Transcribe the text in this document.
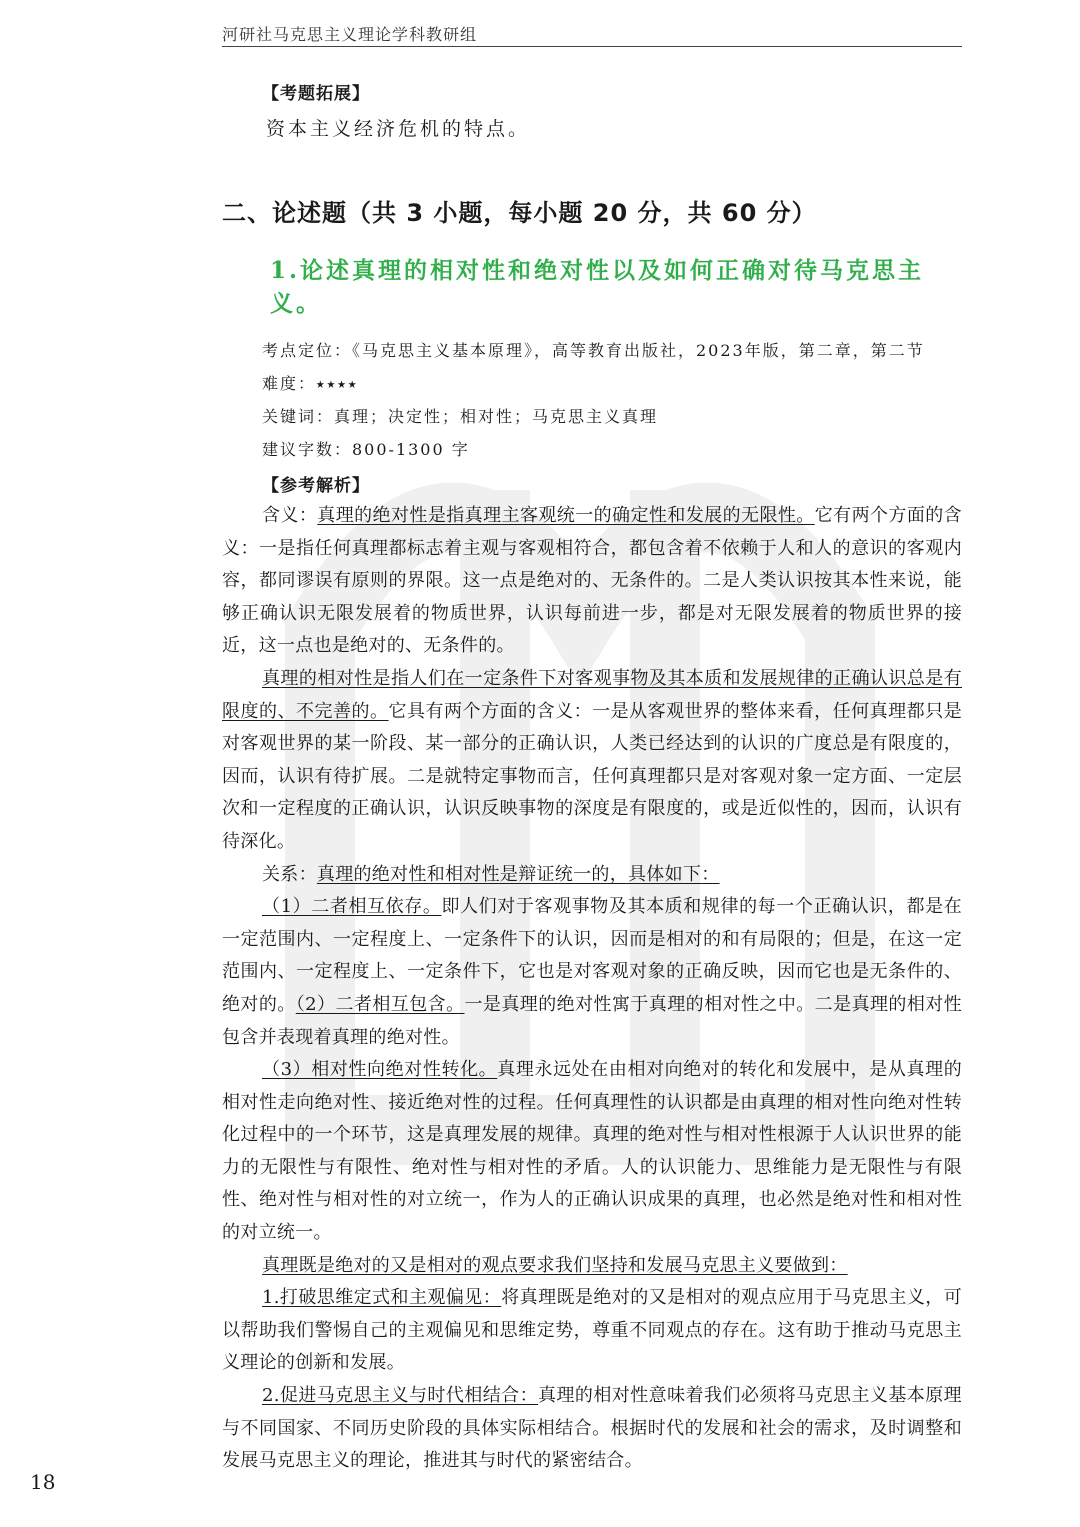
河研社马克思主义理论学科教研组
【考题拓展】
资本主义经济危机的特点。
二、论述题（共 3 小题，每小题 20 分，共 60 分）
1.论述真理的相对性和绝对性以及如何正确对待马克思主义。
考点定位：《马克思主义基本原理》，高等教育出版社，2023年版，第二章，第二节
难度：⭑⭑⭑⭑
关键词：真理；决定性；相对性；马克思主义真理
建议字数：800-1300 字
【参考解析】

含义：真理的绝对性是指真理主客观统一的确定性和发展的无限性。它有两个方面的含义：一是指任何真理都标志着主观与客观相符合，都包含着不依赖于人和人的意识的客观内容，都同谬误有原则的界限。这一点是绝对的、无条件的。二是人类认识按其本性来说，能够正确认识无限发展着的物质世界，认识每前进一步，都是对无限发展着的物质世界的接近，这一点也是绝对的、无条件的。

真理的相对性是指人们在一定条件下对客观事物及其本质和发展规律的正确认识总是有限度的、不完善的。它具有两个方面的含义：一是从客观世界的整体来看，任何真理都只是对客观世界的某一阶段、某一部分的正确认识，人类已经达到的认识的广度总是有限度的，因而，认识有待扩展。二是就特定事物而言，任何真理都只是对客观对象一定方面、一定层次和一定程度的正确认识，认识反映事物的深度是有限度的，或是近似性的，因而，认识有待深化。

关系：真理的绝对性和相对性是辩证统一的，具体如下：

（1）二者相互依存。即人们对于客观事物及其本质和规律的每一个正确认识，都是在一定范围内、一定程度上、一定条件下的认识，因而是相对的和有局限的；但是，在这一定范围内、一定程度上、一定条件下，它也是对客观对象的正确反映，因而它也是无条件的、绝对的。（2）二者相互包含。一是真理的绝对性寓于真理的相对性之中。二是真理的相对性包含并表现着真理的绝对性。

（3）相对性向绝对性转化。真理永远处在由相对向绝对的转化和发展中，是从真理的相对性走向绝对性、接近绝对性的过程。任何真理性的认识都是由真理的相对性向绝对性转化过程中的一个环节，这是真理发展的规律。真理的绝对性与相对性根源于人认识世界的能力的无限性与有限性、绝对性与相对性的矛盾。人的认识能力、思维能力是无限性与有限性、绝对性与相对性的对立统一，作为人的正确认识成果的真理，也必然是绝对性和相对性的对立统一。

真理既是绝对的又是相对的观点要求我们坚持和发展马克思主义要做到：

1.打破思维定式和主观偏见：将真理既是绝对的又是相对的观点应用于马克思主义，可以帮助我们警惕自己的主观偏见和思维定势，尊重不同观点的存在。这有助于推动马克思主义理论的创新和发展。

2.促进马克思主义与时代相结合：真理的相对性意味着我们必须将马克思主义基本原理与不同国家、不同历史阶段的具体实际相结合。根据时代的发展和社会的需求，及时调整和发展马克思主义的理论，推进其与时代的紧密结合。

18
